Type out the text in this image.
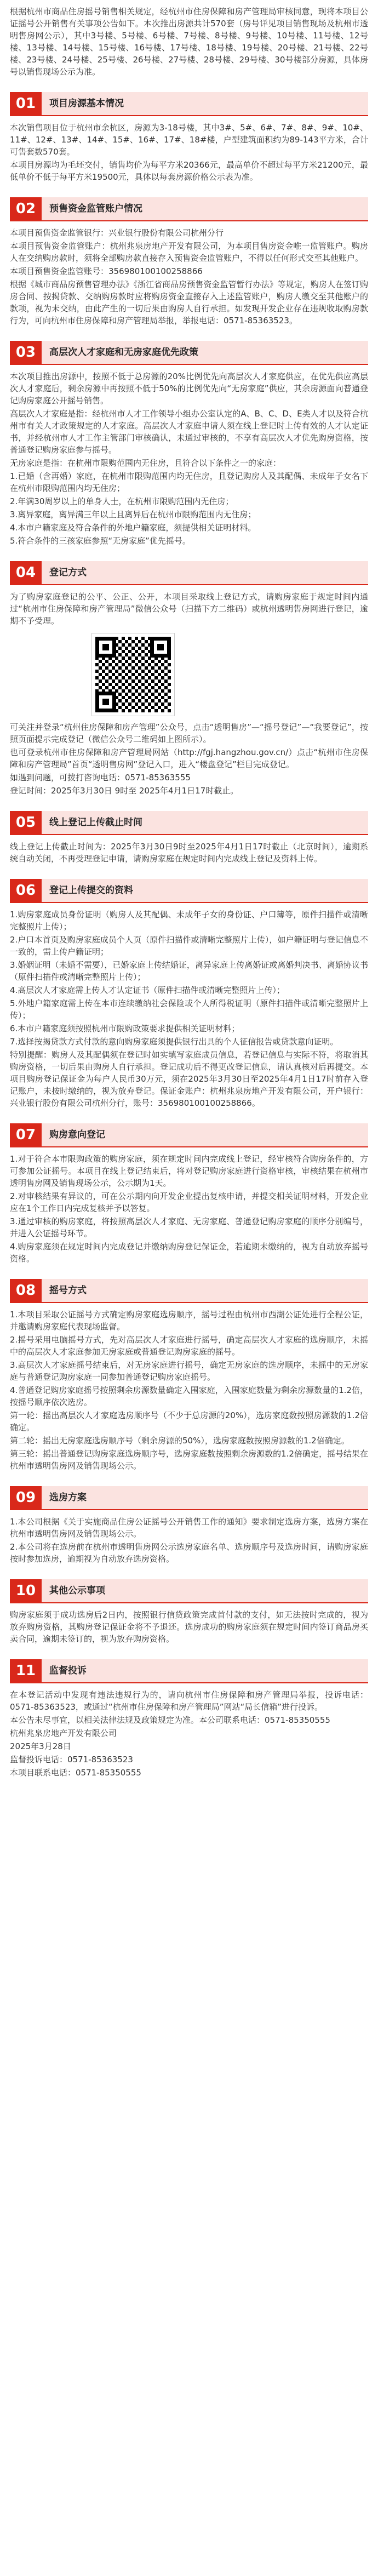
根据杭州市商品住房摇号销售相关规定，经杭州市住房保障和房产管理局审核同意，现将本项目公证摇号公开销售有关事项公告如下。本次推出房源共计570套（房号详见项目销售现场及杭州市透明售房网公示），其中3号楼、5号楼、6号楼、7号楼、8号楼、9号楼、10号楼、11号楼、12号楼、13号楼、14号楼、15号楼、16号楼、17号楼、18号楼、19号楼、20号楼、21号楼、22号楼、23号楼、24号楼、25号楼、26号楼、27号楼、28号楼、29号楼、30号楼部分房源，具体房号以销售现场公示为准。

01	项目房源基本情况

本次销售项目位于杭州市余杭区，房源为3-18号楼，其中3#、5#、6#、7#、8#、9#、10#、11#、12#、13#、14#、15#、16#、17#、18#楼，户型建筑面积约为89-143平方米，合计可售套数570套。

本项目房源均为毛坯交付，销售均价为每平方米20366元，最高单价不超过每平方米21200元，最低单价不低于每平方米19500元，具体以每套房源价格公示表为准。

02	预售资金监管账户情况

本项目预售资金监管银行：兴业银行股份有限公司杭州分行

本项目预售资金监管账户：杭州兆泉房地产开发有限公司，为本项目售房资金唯一监管账户。购房人在交纳购房款时，须将全部购房款直接存入预售资金监管账户，不得以任何形式交至其他账户。

本项目预售资金监管账号：356980100100258866

根据《城市商品房预售管理办法》《浙江省商品房预售资金监管暂行办法》等规定，购房人在签订购房合同、按揭贷款、交纳购房款时应将购房资金直接存入上述监管账户，购房人缴交至其他账户的款项，视为未交纳，由此产生的一切后果由购房人自行承担。如发现开发企业存在违规收取购房款行为，可向杭州市住房保障和房产管理局举报，举报电话：0571-85363523。

03	高层次人才家庭和无房家庭优先政策

本次项目推出房源中，按照不低于总房源的20%比例优先向高层次人才家庭供应，在优先供应高层次人才家庭后，剩余房源中再按照不低于50%的比例优先向“无房家庭”供应，其余房源面向普通登记购房家庭公开摇号销售。

高层次人才家庭是指：经杭州市人才工作领导小组办公室认定的A、B、C、D、E类人才以及符合杭州市有关人才政策规定的人才家庭。高层次人才家庭申请人须在线上登记时上传有效的人才认定证书，并经杭州市人才工作主管部门审核确认，未通过审核的，不享有高层次人才优先购房资格，按普通登记购房家庭参与摇号。

无房家庭是指：在杭州市限购范围内无住房，且符合以下条件之一的家庭：

1.已婚（含再婚）家庭，在杭州市限购范围内均无住房，且登记购房人及其配偶、未成年子女名下在杭州市限购范围内均无住房；

2.年满30周岁以上的单身人士，在杭州市限购范围内无住房；

3.离异家庭，离异满三年以上且离异后在杭州市限购范围内无住房；

4.本市户籍家庭及符合条件的外地户籍家庭，须提供相关证明材料。

5.符合条件的三孩家庭参照“无房家庭”优先摇号。

04	登记方式

为了购房家庭登记的公平、公正、公开，本项目采取线上登记方式，请购房家庭于规定时间内通过“杭州市住房保障和房产管理局”微信公众号（扫描下方二维码）或杭州透明售房网进行登记，逾期不予受理。

可关注并登录“杭州住房保障和房产管理”公众号，点击“透明售房”—“摇号登记”—“我要登记”，按照页面提示完成登记（微信公众号二维码如上图所示）。

也可登录杭州市住房保障和房产管理局网站（http://fgj.hangzhou.gov.cn/）点击“杭州市住房保障和房产管理局”首页“透明售房网”登记入口，进入“楼盘登记”栏目完成登记。

如遇到问题，可拨打咨询电话：0571-85363555

登记时间：2025年3月30日 9时至 2025年4月1日17时截止。

05	线上登记上传截止时间

线上登记上传截止时间为：2025年3月30日9时至2025年4月1日17时截止（北京时间），逾期系统自动关闭，不再受理登记申请，请购房家庭在规定时间内完成线上登记及资料上传。

06	登记上传提交的资料

1.购房家庭成员身份证明（购房人及其配偶、未成年子女的身份证、户口簿等，原件扫描件或清晰完整照片上传）；

2.户口本首页及购房家庭成员个人页（原件扫描件或清晰完整照片上传），如户籍证明与登记信息不一致的，需上传户籍证明；

3.婚姻证明（未婚不需要），已婚家庭上传结婚证，离异家庭上传离婚证或离婚判决书、离婚协议书（原件扫描件或清晰完整照片上传）；

4.高层次人才家庭需上传人才认定证书（原件扫描件或清晰完整照片上传）；

5.外地户籍家庭需上传在本市连续缴纳社会保险或个人所得税证明（原件扫描件或清晰完整照片上传）；

6.本市户籍家庭须按照杭州市限购政策要求提供相关证明材料；

7.选择按揭贷款方式付款的意向购房家庭须提供银行出具的个人征信报告或贷款意向证明。

特别提醒：购房人及其配偶须在登记时如实填写家庭成员信息，若登记信息与实际不符，将取消其购房资格，一切后果由购房人自行承担。登记成功后不得更改登记信息，请认真核对后再提交。本项目购房登记保证金为每户人民币30万元，须在2025年3月30日至2025年4月1日17时前存入登记账户，未按时缴纳的，视为放弃登记。保证金账户：杭州兆泉房地产开发有限公司，开户银行：兴业银行股份有限公司杭州分行，账号：356980100100258866。

07	购房意向登记

1.对于符合本市限购政策的购房家庭，须在规定时间内完成线上登记，经审核符合购房条件的，方可参加公证摇号。本项目在线上登记结束后，将对登记购房家庭进行资格审核，审核结果在杭州市透明售房网及销售现场公示，公示期为1天。

2.对审核结果有异议的，可在公示期内向开发企业提出复核申请，并提交相关证明材料，开发企业应在1个工作日内完成复核并予以答复。

3.通过审核的购房家庭，将按照高层次人才家庭、无房家庭、普通登记购房家庭的顺序分别编号，并进入公证摇号环节。

4.购房家庭须在规定时间内完成登记并缴纳购房登记保证金，若逾期未缴纳的，视为自动放弃摇号资格。

08	摇号方式

1.本项目采取公证摇号方式确定购房家庭选房顺序，摇号过程由杭州市西湖公证处进行全程公证，并邀请购房家庭代表现场监督。

2.摇号采用电脑摇号方式，先对高层次人才家庭进行摇号，确定高层次人才家庭的选房顺序，未摇中的高层次人才家庭参加无房家庭或普通登记购房家庭的摇号。

3.高层次人才家庭摇号结束后，对无房家庭进行摇号，确定无房家庭的选房顺序，未摇中的无房家庭与普通登记购房家庭一同参加普通登记购房家庭摇号。

4.普通登记购房家庭摇号按照剩余房源数量确定入围家庭，入围家庭数量为剩余房源数量的1.2倍，按摇号顺序依次选房。

第一轮：摇出高层次人才家庭选房顺序号（不少于总房源的20%），选房家庭数按照房源数的1.2倍确定。

第二轮：摇出无房家庭选房顺序号（剩余房源的50%），选房家庭数按照房源数的1.2倍确定。

第三轮：摇出普通登记购房家庭选房顺序号，选房家庭数按照剩余房源数的1.2倍确定，摇号结果在杭州市透明售房网及销售现场公示。

09	选房方案

1.本公司根据《关于实施商品住房公证摇号公开销售工作的通知》要求制定选房方案，选房方案在杭州市透明售房网及销售现场公示。

2.本公司将在选房前在杭州市透明售房网公示选房家庭名单、选房顺序号及选房时间，请购房家庭按时参加选房，逾期视为自动放弃选房资格。

10	其他公示事项

购房家庭须于成功选房后2日内，按照银行信贷政策完成首付款的支付，如无法按时完成的，视为放弃购房资格，其购房登记保证金将不予退还。选房成功的购房家庭须在规定时间内签订商品房买卖合同，逾期未签订的，视为放弃购房资格。

11	监督投诉

在本登记活动中发现有违法违规行为的，请向杭州市住房保障和房产管理局举报，投诉电话：0571-85363523，或通过“杭州市住房保障和房产管理局”网站“局长信箱”进行投诉。

本公告未尽事宜，以相关法律法规及政策规定为准。本公司联系电话：0571-85350555

杭州兆泉房地产开发有限公司

2025年3月28日

监督投诉电话：0571-85363523

本项目联系电话：0571-85350555
